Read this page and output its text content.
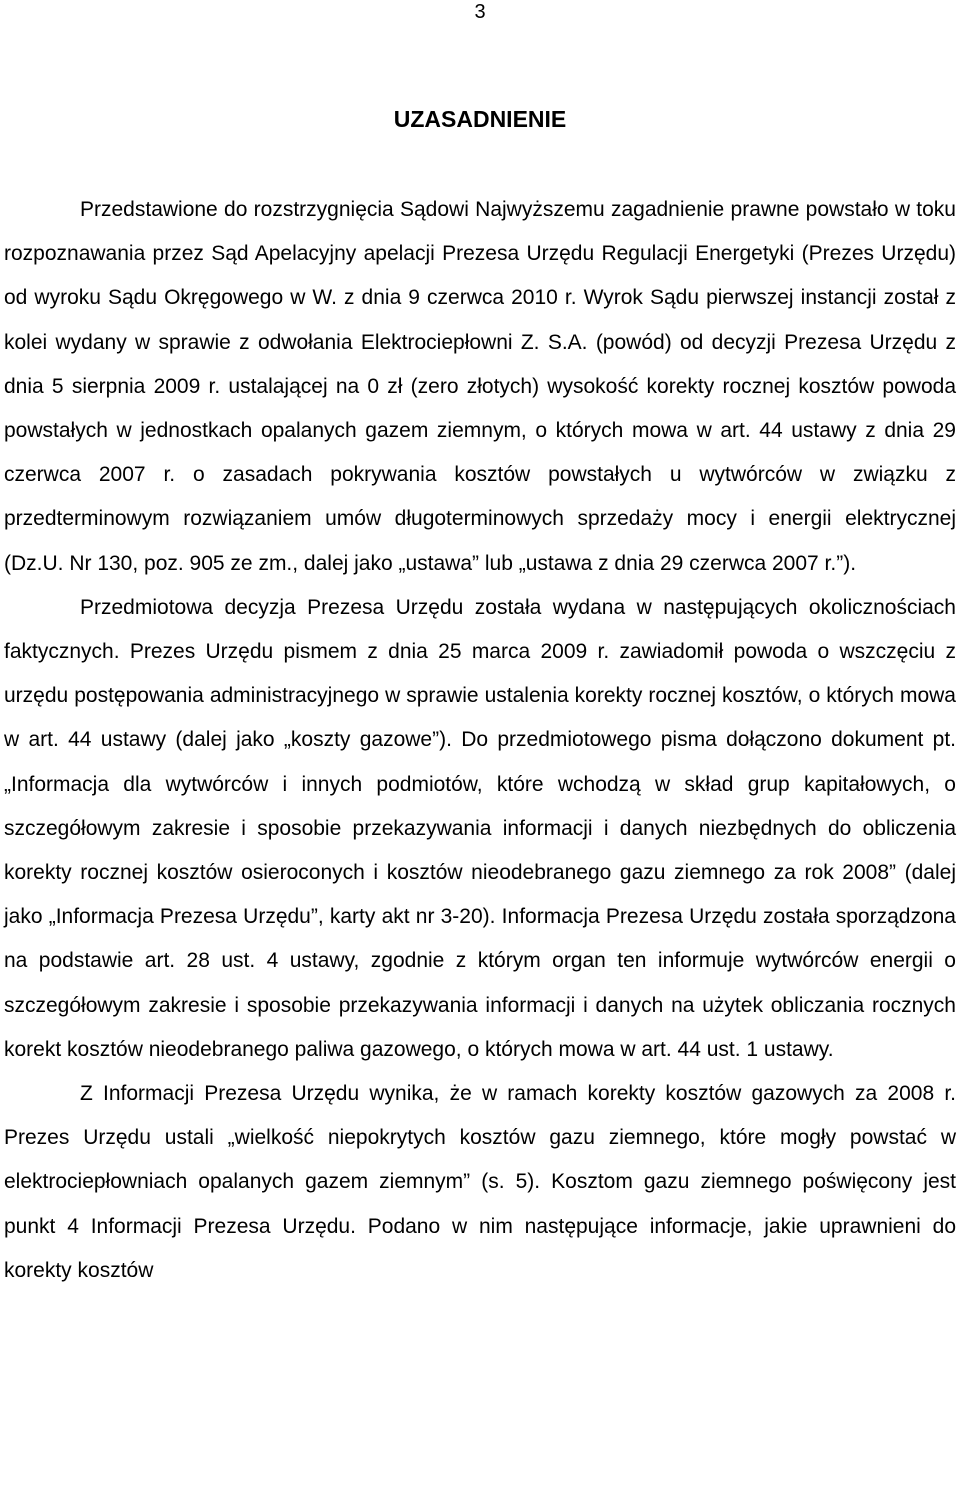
3
UZASADNIENIE

Przedstawione do rozstrzygnięcia Sądowi Najwyższemu zagadnienie prawne powstało w toku rozpoznawania przez Sąd Apelacyjny apelacji Prezesa Urzędu Regulacji Energetyki (Prezes Urzędu) od wyroku Sądu Okręgowego w W. z dnia 9 czerwca 2010 r. Wyrok Sądu pierwszej instancji został z kolei wydany w sprawie z odwołania Elektrociepłowni Z. S.A. (powód) od decyzji Prezesa Urzędu z dnia 5 sierpnia 2009 r. ustalającej na 0 zł (zero złotych) wysokość korekty rocznej kosztów powoda powstałych w jednostkach opalanych gazem ziemnym, o których mowa w art. 44 ustawy z dnia 29 czerwca 2007 r. o zasadach pokrywania kosztów powstałych u wytwórców w związku z przedterminowym rozwiązaniem umów długoterminowych sprzedaży mocy i energii elektrycznej (Dz.U. Nr 130, poz. 905 ze zm., dalej jako „ustawa” lub „ustawa z dnia 29 czerwca 2007 r.”).

Przedmiotowa decyzja Prezesa Urzędu została wydana w następujących okolicznościach faktycznych. Prezes Urzędu pismem z dnia 25 marca 2009 r. zawiadomił powoda o wszczęciu z urzędu postępowania administracyjnego w sprawie ustalenia korekty rocznej kosztów, o których mowa w art. 44 ustawy (dalej jako „koszty gazowe”). Do przedmiotowego pisma dołączono dokument pt. „Informacja dla wytwórców i innych podmiotów, które wchodzą w skład grup kapitałowych, o szczegółowym zakresie i sposobie przekazywania informacji i danych niezbędnych do obliczenia korekty rocznej kosztów osieroconych i kosztów nieodebranego gazu ziemnego za rok 2008” (dalej jako „Informacja Prezesa Urzędu”, karty akt nr 3-20). Informacja Prezesa Urzędu została sporządzona na podstawie art. 28 ust. 4 ustawy, zgodnie z którym organ ten informuje wytwórców energii o szczegółowym zakresie i sposobie przekazywania informacji i danych na użytek obliczania rocznych korekt kosztów nieodebranego paliwa gazowego, o których mowa w art. 44 ust. 1 ustawy.

Z Informacji Prezesa Urzędu wynika, że w ramach korekty kosztów gazowych za 2008 r. Prezes Urzędu ustali „wielkość niepokrytych kosztów gazu ziemnego, które mogły powstać w elektrociepłowniach opalanych gazem ziemnym” (s. 5). Kosztom gazu ziemnego poświęcony jest punkt 4 Informacji Prezesa Urzędu. Podano w nim następujące informacje, jakie uprawnieni do korekty kosztów
